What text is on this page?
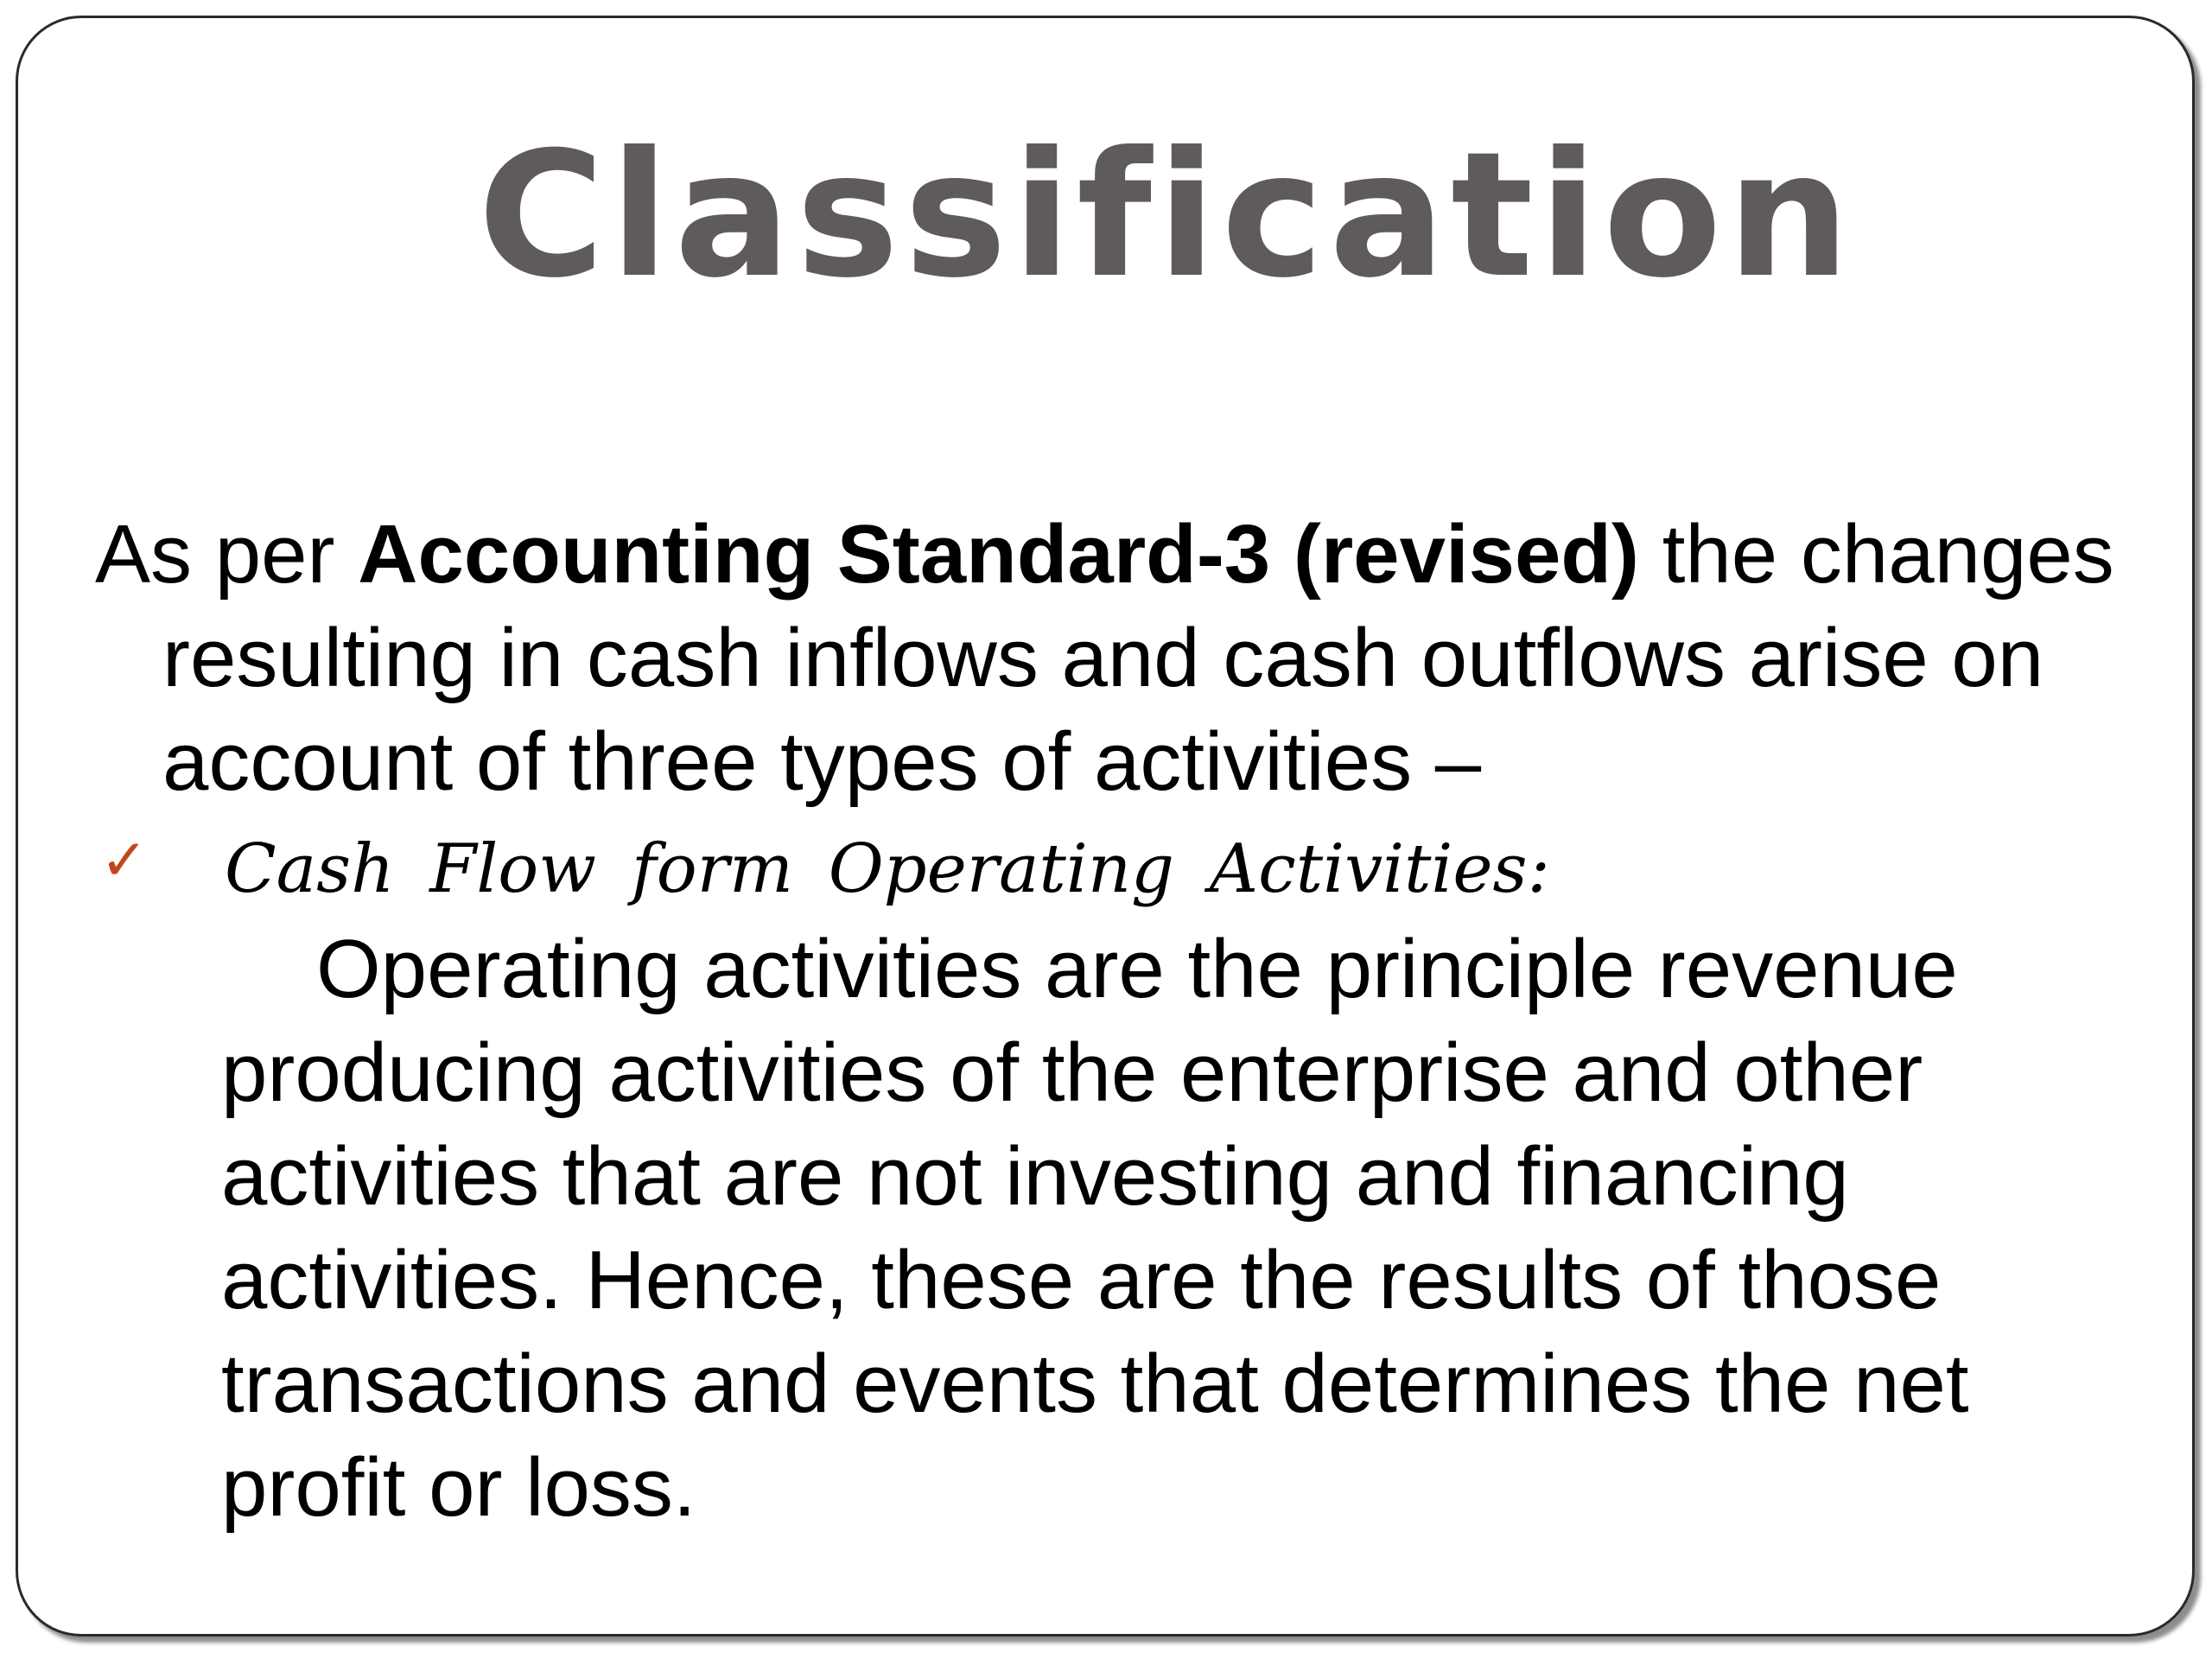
Classification

As per Accounting Standard-3 (revised) the changes resulting in cash inflows and cash outflows arise on account of three types of activities –

✓ Cash Flow form Operating Activities:

Operating activities are the principle revenue producing activities of the enterprise and other activities that are not investing and financing activities. Hence, these are the results of those transactions and events that determines the net profit or loss.
